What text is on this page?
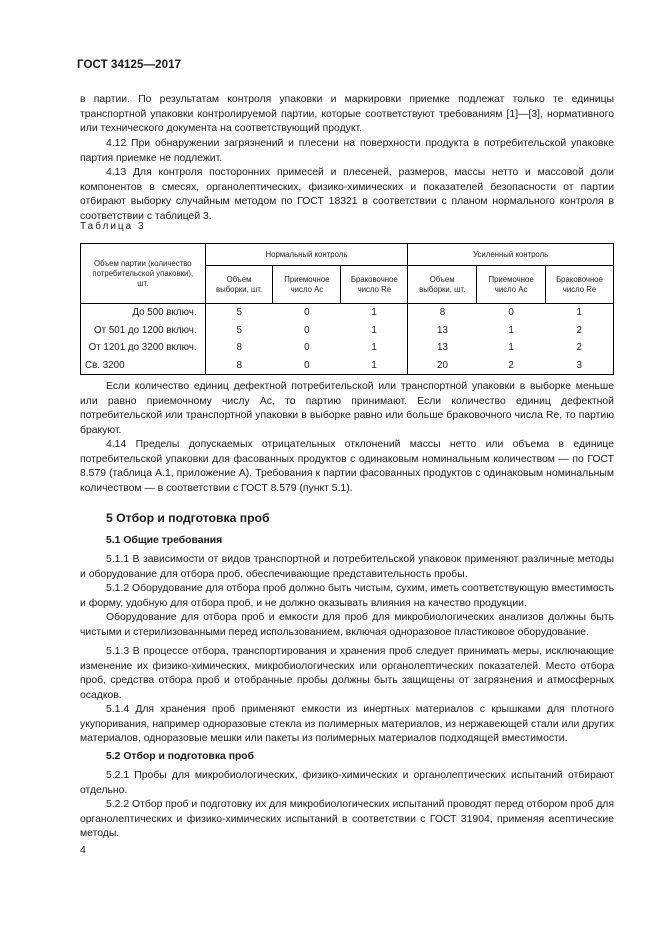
ГОСТ 34125—2017
в партии. По результатам контроля упаковки и маркировки приемке подлежат только те единицы транспортной упаковки контролируемой партии, которые соответствуют требованиям [1]—[3], нормативного или технического документа на соответствующий продукт.
4.12 При обнаружении загрязнений и плесени на поверхности продукта в потребительской упаковке партия приемке не подлежит.
4.13 Для контроля посторонних примесей и плесеней, размеров, массы нетто и массовой доли компонентов в смесях, органолептических, физико-химических и показателей безопасности от партии отбирают выборку случайным методом по ГОСТ 18321 в соответствии с планом нормального контроля в соответствии с таблицей 3.
Таблица 3
Объем партии (количество потребительской упаковки), шт.	Нормальный контроль			Усиленный контроль		
	Объем выборки, шт.	Приемочное число Ac	Браковочное число Re	Объем выборки, шт.	Приемочное число Ac	Браковочное число Re
До 500 включ.	5	0	1	8	0	1
От 501 до 1200 включ.	5	0	1	13	1	2
От 1201 до 3200 включ.	8	0	1	13	1	2
Св. 3200	8	0	1	20	2	3
Если количество единиц дефектной потребительской или транспортной упаковки в выборке меньше или равно приемочному числу Ac, то партию принимают. Если количество единиц дефектной потребительской или транспортной упаковки в выборке равно или больше браковочного числа Re, то партию бракуют.
4.14 Пределы допускаемых отрицательных отклонений массы нетто или объема в единице потребительской упаковки для фасованных продуктов с одинаковым номинальным количеством — по ГОСТ 8.579 (таблица А.1, приложение А). Требования к партии фасованных продуктов с одинаковым номинальным количеством — в соответствии с ГОСТ 8.579 (пункт 5.1).
5 Отбор и подготовка проб
5.1 Общие требования
5.1.1 В зависимости от видов транспортной и потребительской упаковок применяют различные методы и оборудование для отбора проб, обеспечивающие представительность пробы.
5.1.2 Оборудование для отбора проб должно быть чистым, сухим, иметь соответствующую вместимость и форму, удобную для отбора проб, и не должно оказывать влияния на качество продукции.
Оборудование для отбора проб и емкости для проб для микробиологических анализов должны быть чистыми и стерилизованными перед использованием, включая одноразовое пластиковое оборудование.
5.1.3 В процессе отбора, транспортирования и хранения проб следует принимать меры, исключающие изменение их физико-химических, микробиологических или органолептических показателей. Место отбора проб, средства отбора проб и отобранные пробы должны быть защищены от загрязнения и атмосферных осадков.
5.1.4 Для хранения проб применяют емкости из инертных материалов с крышками для плотного укупоривания, например одноразовые стекла из полимерных материалов, из нержавеющей стали или других материалов, одноразовые мешки или пакеты из полимерных материалов подходящей вместимости.
5.2 Отбор и подготовка проб
5.2.1 Пробы для микробиологических, физико-химических и органолептических испытаний отбирают отдельно.
5.2.2 Отбор проб и подготовку их для микробиологических испытаний проводят перед отбором проб для органолептических и физико-химических испытаний в соответствии с ГОСТ 31904, применяя асептические методы.
4
